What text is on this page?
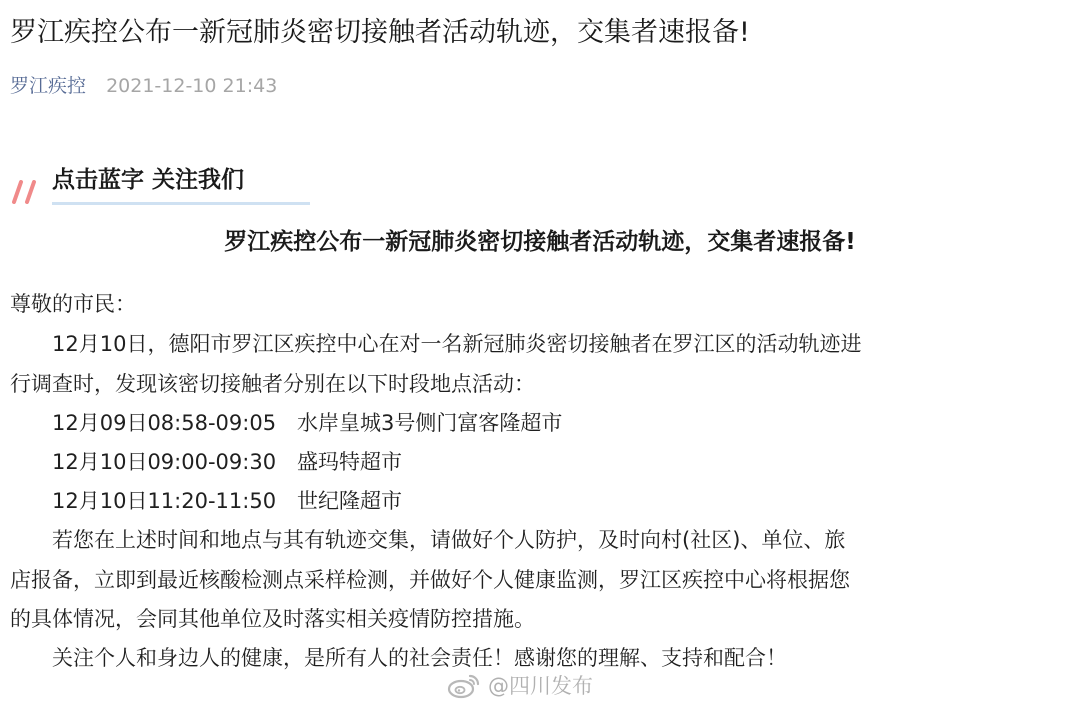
罗江疾控公布一新冠肺炎密切接触者活动轨迹，交集者速报备!
罗江疾控 2021-12-10 21:43
点击蓝字 关注我们
罗江疾控公布一新冠肺炎密切接触者活动轨迹，交集者速报备!
尊敬的市民：
　　12月10日，德阳市罗江区疾控中心在对一名新冠肺炎密切接触者在罗江区的活动轨迹进
行调查时，发现该密切接触者分别在以下时段地点活动：
　　12月09日08:58-09:05　水岸皇城3号侧门富客隆超市
　　12月10日09:00-09:30　盛玛特超市
　　12月10日11:20-11:50　世纪隆超市
　　若您在上述时间和地点与其有轨迹交集，请做好个人防护，及时向村(社区)、单位、旅
店报备，立即到最近核酸检测点采样检测，并做好个人健康监测，罗江区疾控中心将根据您
的具体情况，会同其他单位及时落实相关疫情防控措施。
　　关注个人和身边人的健康，是所有人的社会责任！感谢您的理解、支持和配合！
@四川发布
